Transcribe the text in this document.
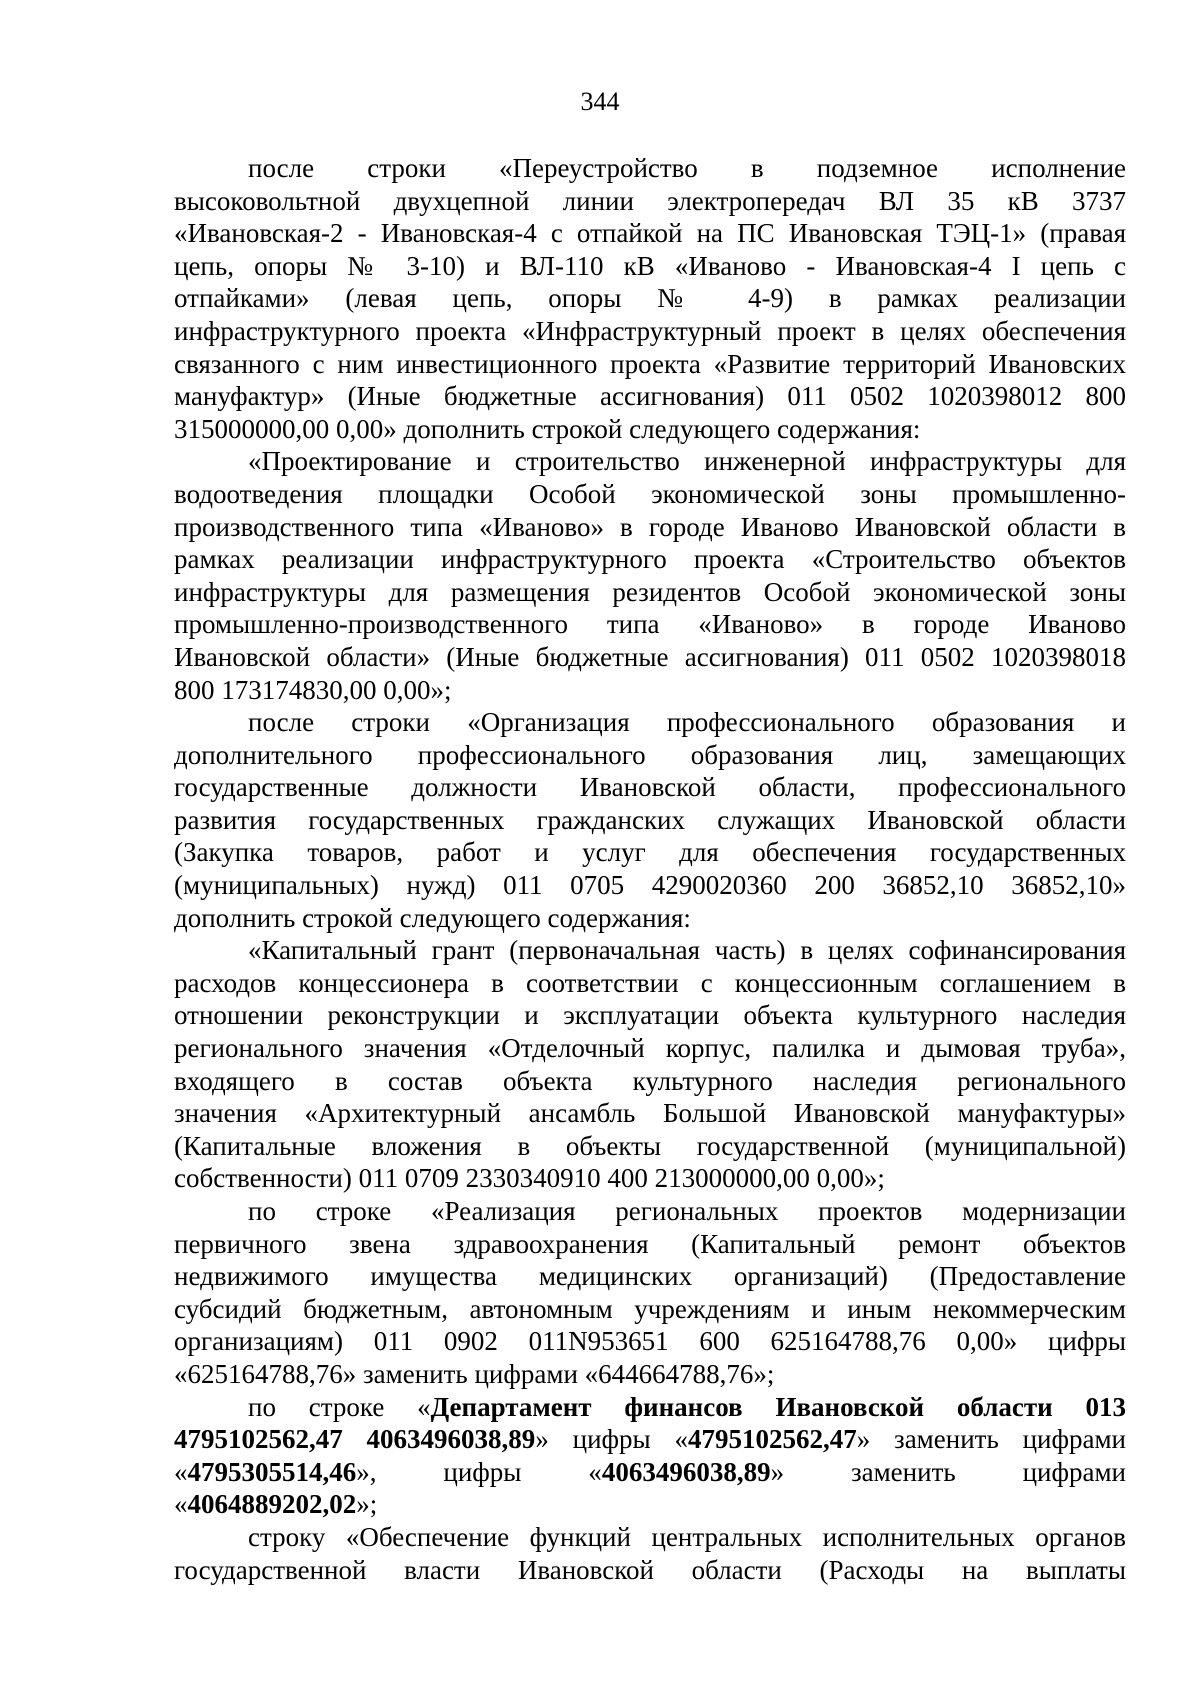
344
после строки «Переустройство в подземное исполнение
высоковольтной двухцепной линии электропередач ВЛ 35 кВ 3737
«Ивановская-2 - Ивановская-4 с отпайкой на ПС Ивановская ТЭЦ-1» (правая
цепь, опоры № 3-10) и ВЛ-110 кВ «Иваново - Ивановская-4 I цепь с
отпайками» (левая цепь, опоры № 4-9) в рамках реализации
инфраструктурного проекта «Инфраструктурный проект в целях обеспечения
связанного с ним инвестиционного проекта «Развитие территорий Ивановских
мануфактур» (Иные бюджетные ассигнования) 011 0502 1020398012 800
315000000,00 0,00» дополнить строкой следующего содержания:
«Проектирование и строительство инженерной инфраструктуры для
водоотведения площадки Особой экономической зоны промышленно-
производственного типа «Иваново» в городе Иваново Ивановской области в
рамках реализации инфраструктурного проекта «Строительство объектов
инфраструктуры для размещения резидентов Особой экономической зоны
промышленно-производственного типа «Иваново» в городе Иваново
Ивановской области» (Иные бюджетные ассигнования) 011 0502 1020398018
800 173174830,00 0,00»;
после строки «Организация профессионального образования и
дополнительного профессионального образования лиц, замещающих
государственные должности Ивановской области, профессионального
развития государственных гражданских служащих Ивановской области
(Закупка товаров, работ и услуг для обеспечения государственных
(муниципальных) нужд) 011 0705 4290020360 200 36852,10 36852,10»
дополнить строкой следующего содержания:
«Капитальный грант (первоначальная часть) в целях софинансирования
расходов концессионера в соответствии с концессионным соглашением в
отношении реконструкции и эксплуатации объекта культурного наследия
регионального значения «Отделочный корпус, палилка и дымовая труба»,
входящего в состав объекта культурного наследия регионального
значения «Архитектурный ансамбль Большой Ивановской мануфактуры»
(Капитальные вложения в объекты государственной (муниципальной)
собственности) 011 0709 2330340910 400 213000000,00 0,00»;
по строке «Реализация региональных проектов модернизации
первичного звена здравоохранения (Капитальный ремонт объектов
недвижимого имущества медицинских организаций) (Предоставление
субсидий бюджетным, автономным учреждениям и иным некоммерческим
организациям) 011 0902 011N953651 600 625164788,76 0,00» цифры
«625164788,76» заменить цифрами «644664788,76»;
по строке «Департамент финансов Ивановской области 013
4795102562,47 4063496038,89» цифры «4795102562,47» заменить цифрами
«4795305514,46», цифры «4063496038,89» заменить цифрами
«4064889202,02»;
строку «Обеспечение функций центральных исполнительных органов
государственной власти Ивановской области (Расходы на выплаты
